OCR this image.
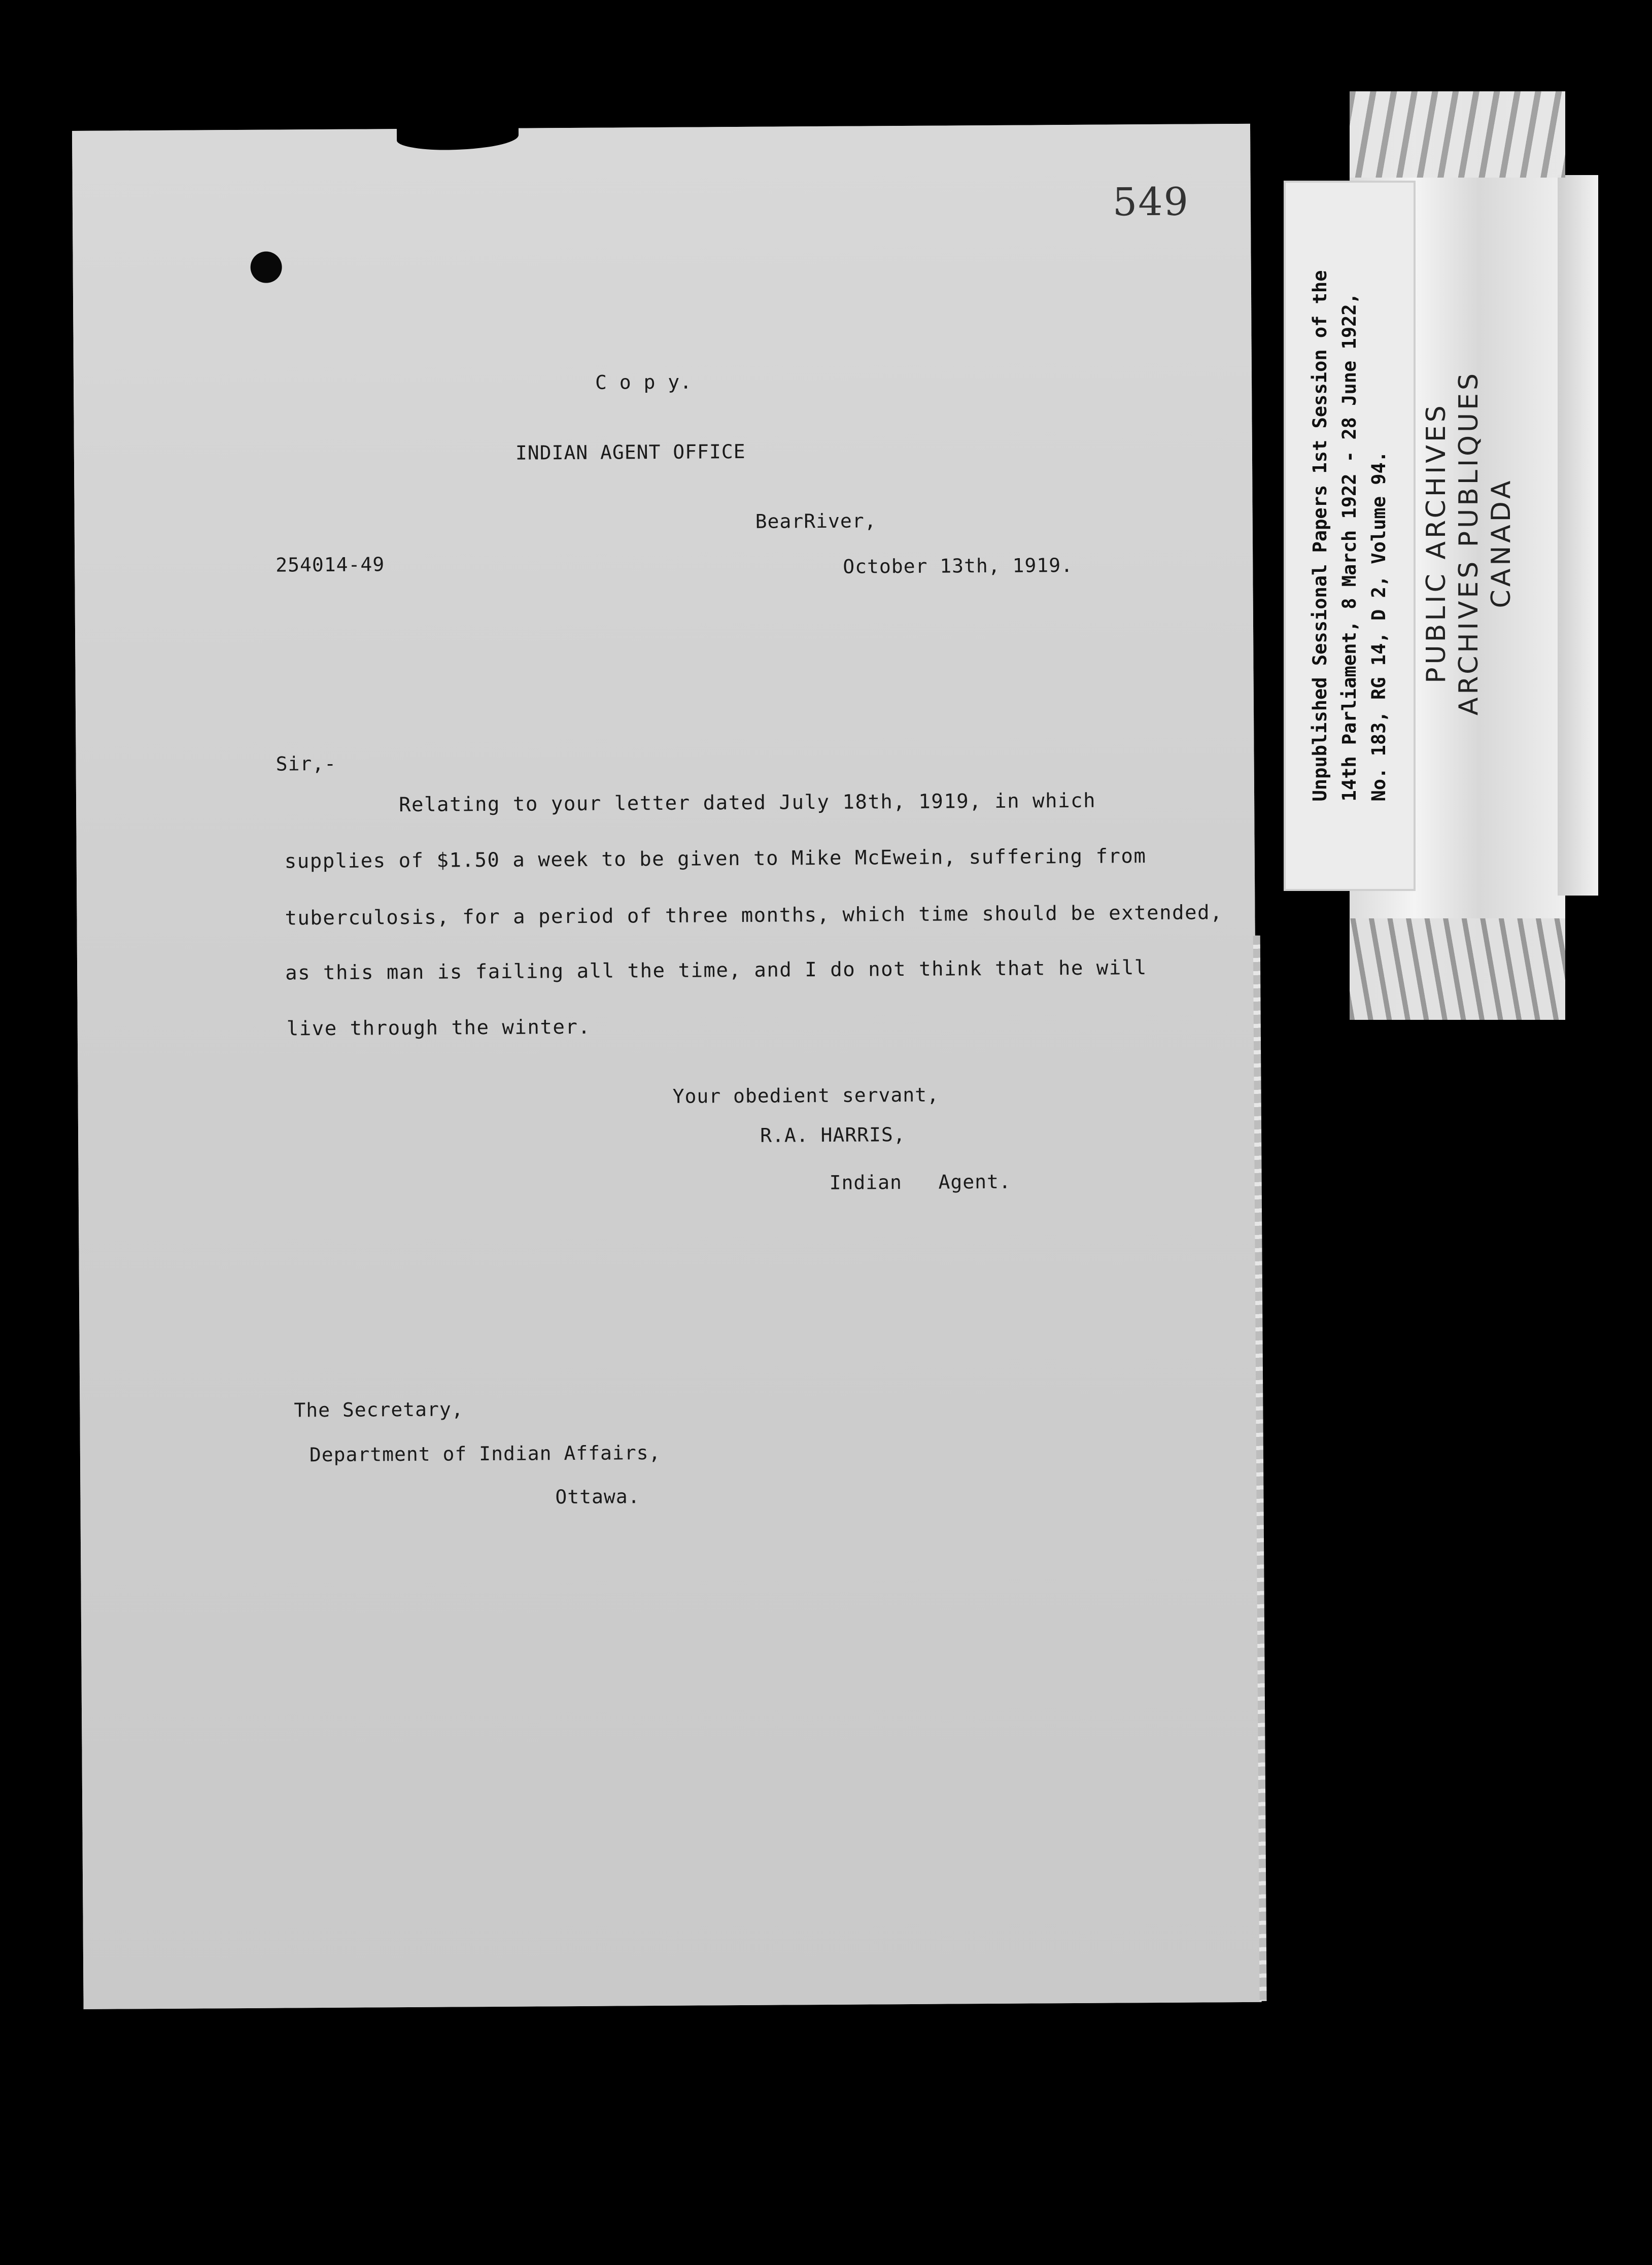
PUBLIC ARCHIVES ARCHIVES PUBLIQUES CANADA
Unpublished Sessional Papers 1st Session of the 14th Parliament, 8 March 1922 - 28 June 1922, No. 183, RG 14, D 2, Volume 94.
549
C o p y.
INDIAN AGENT OFFICE
BearRiver,
254014-49	October 13th, 1919.
Sir,-
Relating to your letter dated July 18th, 1919, in which
supplies of $1.50 a week to be given to Mike McEwein, suffering from
tuberculosis, for a period of three months, which time should be extended,
as this man is failing all the time, and I do not think that he will
live through the winter.
Your obedient servant,
R.A. HARRIS,
Indian   Agent.
The Secretary,
Department of Indian Affairs,
Ottawa.
